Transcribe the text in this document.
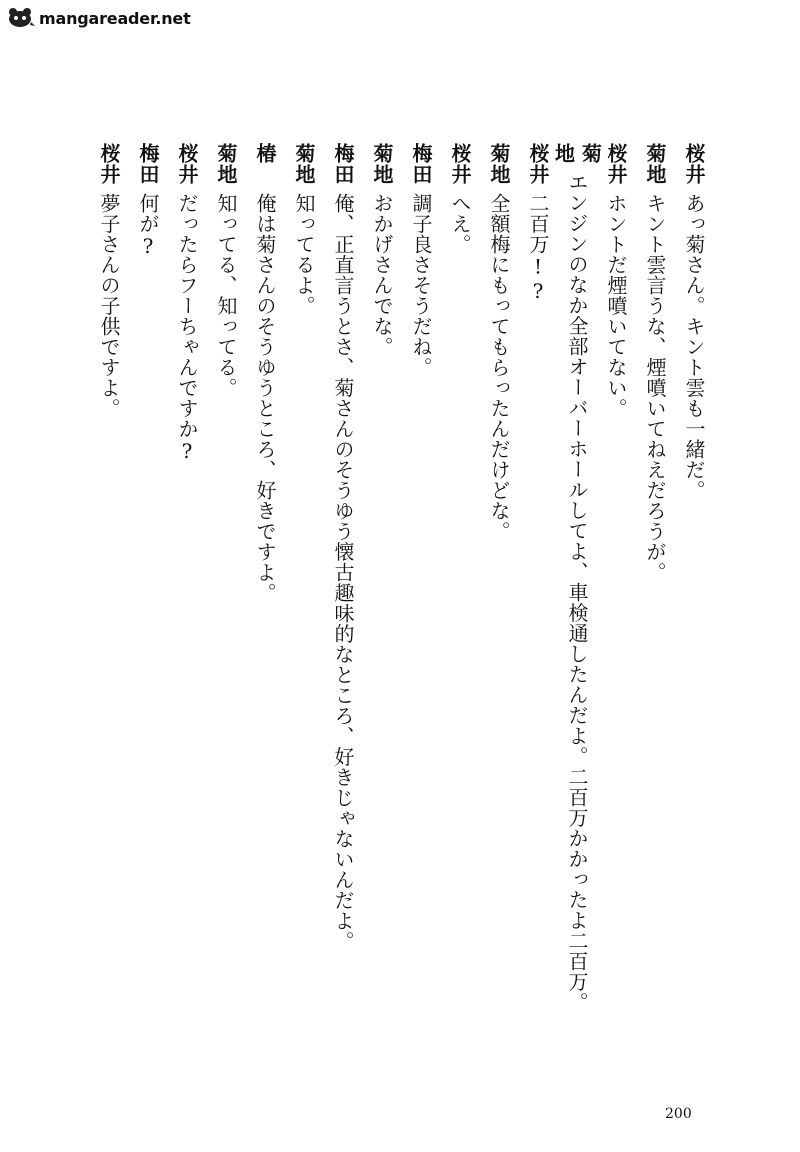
mangareader.net
桜井
あっ菊さん。キント雲も一緒だ。
菊地
キント雲言うな、煙噴いてねえだろうが。
桜井
ホントだ煙噴いてない。
菊地
エンジンのなか全部オーバーホールしてよ、車検通したんだよ。二百万かかったよ二百万。
桜井
二百万!?
菊地
全額梅にもってもらったんだけどな。
桜井
へえ。
梅田
調子良さそうだね。
菊地
おかげさんでな。
梅田
俺、正直言うとさ、菊さんのそうゆう懐古趣味的なところ、好きじゃないんだよ。
菊地
知ってるよ。
椿
俺は菊さんのそうゆうところ、好きですよ。
菊地
知ってる、知ってる。
桜井
だったらフーちゃんですか?
梅田
何が?
桜井
夢子さんの子供ですよ。
200
